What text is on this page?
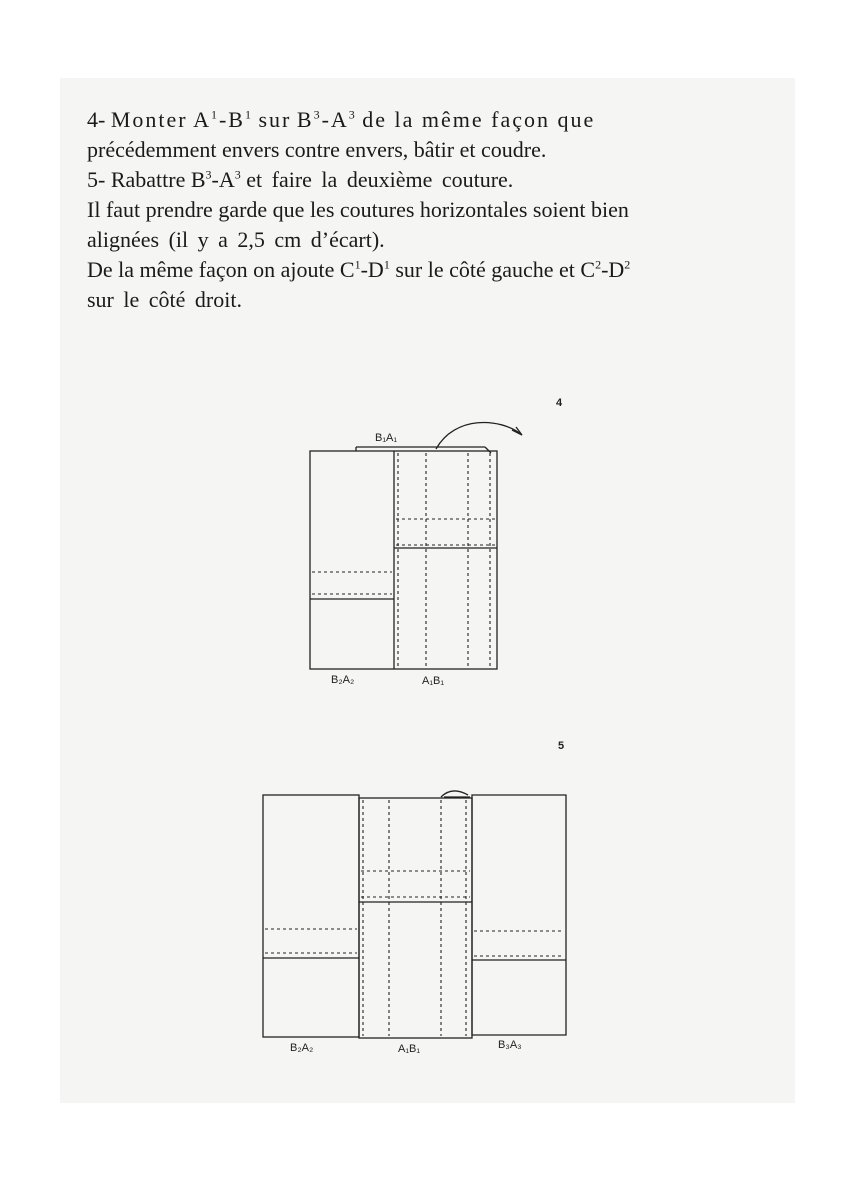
4- Monter $A^1-B^1$ sur $B^3-A^3$ de la même façon que

précédemment envers contre envers, bâtir et coudre.

5- Rabattre $B^3-A^3$ et faire la deuxième couture.

Il faut prendre garde que les coutures horizontales soient bien

alignées (il y a 2,5 cm d’écart).

De la même façon on ajoute $C^1-D^1$ sur le côté gauche et $C^2-D^2$

sur le côté droit.

4
5
B₁A₁
B₂A₂	A₁B₁
B₂A₂	A₁B₁	B₃A₃
